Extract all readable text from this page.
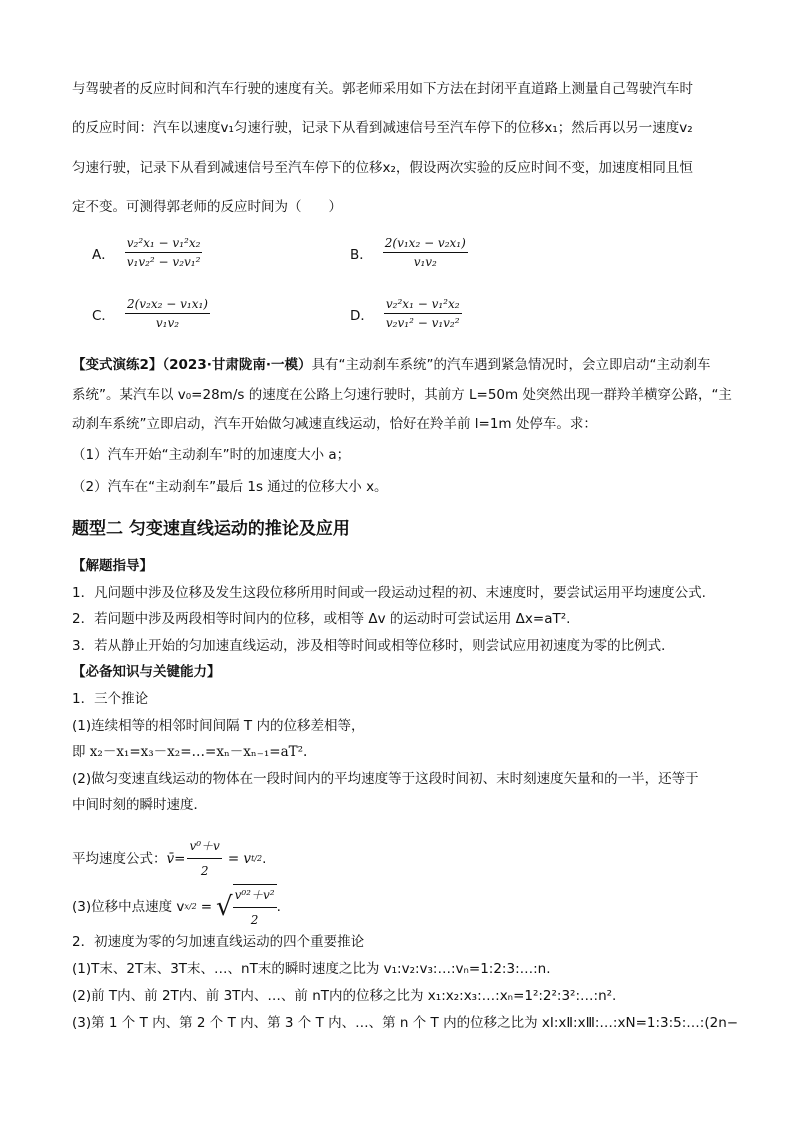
与驾驶者的反应时间和汽车行驶的速度有关。郭老师采用如下方法在封闭平直道路上测量自己驾驶汽车时
的反应时间：汽车以速度v₁匀速行驶，记录下从看到减速信号至汽车停下的位移x₁；然后再以另一速度v₂
匀速行驶，记录下从看到减速信号至汽车停下的位移x₂，假设两次实验的反应时间不变，加速度相同且恒
定不变。可测得郭老师的反应时间为（　　）
A． $\frac{\text{v₂²x₁ − v₁²x₂}}{\text{v₁v₂² − v₂v₁²}}$	B． $\frac{\text{2(v₁x₂ − v₂x₁)}}{\text{v₁v₂}}$
C． $\frac{\text{2(v₂x₂ − v₁x₁)}}{\text{v₁v₂}}$	D． $\frac{\text{v₂²x₁ − v₁²x₂}}{\text{v₂v₁² − v₁v₂²}}$
【变式演练2】（2023·甘肃陇南·一模）具有“主动刹车系统”的汽车遇到紧急情况时，会立即启动“主动刹车
系统”。某汽车以 v₀=28m/s 的速度在公路上匀速行驶时，其前方 L=50m 处突然出现一群羚羊横穿公路，“主
动刹车系统”立即启动，汽车开始做匀减速直线运动，恰好在羚羊前 l=1m 处停车。求：
（1）汽车开始“主动刹车”时的加速度大小 a；
（2）汽车在“主动刹车”最后 1s 通过的位移大小 x。
题型二 匀变速直线运动的推论及应用
【解题指导】
1．凡问题中涉及位移及发生这段位移所用时间或一段运动过程的初、末速度时，要尝试运用平均速度公式.
2．若问题中涉及两段相等时间内的位移，或相等 Δv 的运动时可尝试运用 Δx=aT².
3．若从静止开始的匀加速直线运动，涉及相等时间或相等位移时，则尝试应用初速度为零的比例式．
【必备知识与关键能力】
1．三个推论
(1)连续相等的相邻时间间隔 T 内的位移差相等，
即 x₂－x₁=x₃－x₂=…=xₙ－xₙ₋₁=aT².
(2)做匀变速直线运动的物体在一段时间内的平均速度等于这段时间初、末时刻速度矢量和的一半，还等于
中间时刻的瞬时速度．
平均速度公式： v̄ = $\frac{\text{v⁰＋v}}{2} = v$ t/2 .
(3)位移中点速度 v x/2 = √ $\frac{\text{v⁰²＋v²}}{2}$ .
2．初速度为零的匀加速直线运动的四个重要推论
(1)T末、2T末、3T末、…、nT末的瞬时速度之比为 v₁:v₂:v₃:…:vₙ=1:2:3:…:n.
(2)前 T内、前 2T内、前 3T内、…、前 nT内的位移之比为 x₁:x₂:x₃:…:xₙ=1²:2²:3²:…:n².
(3)第 1 个 T 内、第 2 个 T 内、第 3 个 T 内、…、第 n 个 T 内的位移之比为 xⅠ:xⅡ:xⅢ:…:xN=1:3:5:…:(2n−
